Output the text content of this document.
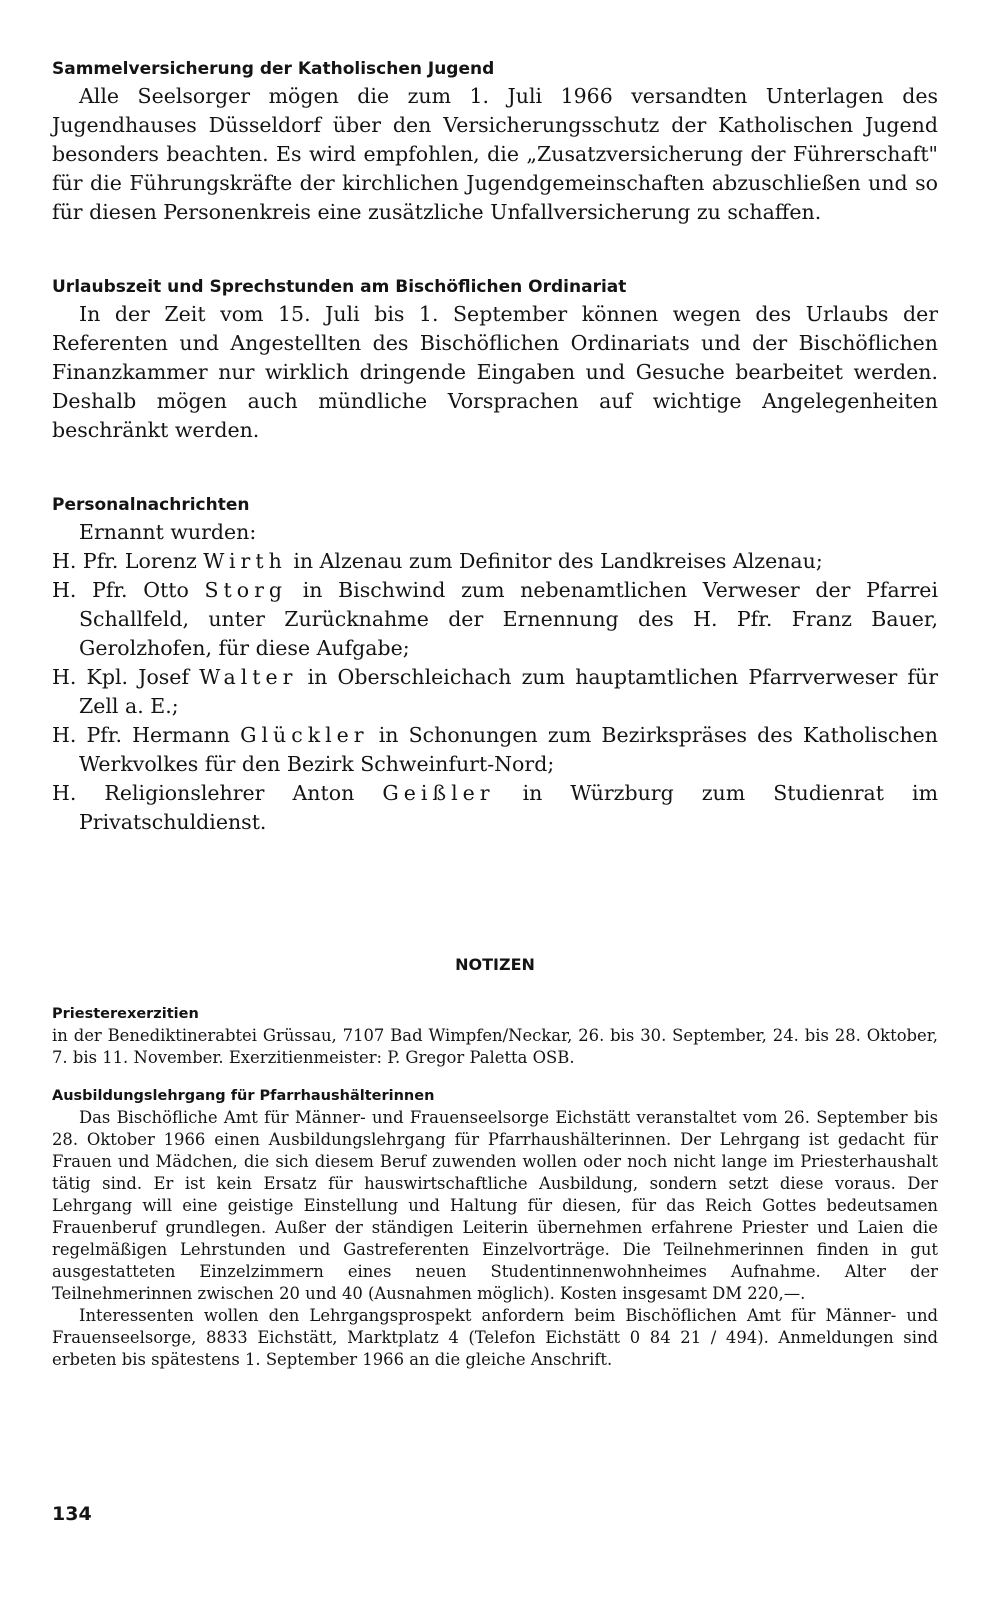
Sammelversicherung der Katholischen Jugend

Alle Seelsorger mögen die zum 1. Juli 1966 versandten Unterlagen des Jugendhauses Düsseldorf über den Versicherungsschutz der Katholischen Jugend besonders beachten. Es wird empfohlen, die „Zusatzversicherung der Führerschaft" für die Führungskräfte der kirchlichen Jugendgemeinschaften abzuschließen und so für diesen Personenkreis eine zusätzliche Unfallversicherung zu schaffen.

Urlaubszeit und Sprechstunden am Bischöflichen Ordinariat

In der Zeit vom 15. Juli bis 1. September können wegen des Urlaubs der Referenten und Angestellten des Bischöflichen Ordinariats und der Bischöflichen Finanzkammer nur wirklich dringende Eingaben und Gesuche bearbeitet werden. Deshalb mögen auch mündliche Vorsprachen auf wichtige Angelegenheiten beschränkt werden.

Personalnachrichten

Ernannt wurden:

H. Pfr. Lorenz Wirth in Alzenau zum Definitor des Landkreises Alzenau;

H. Pfr. Otto Storg in Bischwind zum nebenamtlichen Verweser der Pfarrei Schallfeld, unter Zurücknahme der Ernennung des H. Pfr. Franz Bauer, Gerolzhofen, für diese Aufgabe;

H. Kpl. Josef Walter in Oberschleichach zum hauptamtlichen Pfarrverweser für Zell a. E.;

H. Pfr. Hermann Glückler in Schonungen zum Bezirkspräses des Katholischen Werkvolkes für den Bezirk Schweinfurt-Nord;

H. Religionslehrer Anton Geißler in Würzburg zum Studienrat im Privatschuldienst.

NOTIZEN
Priesterexerzitien

in der Benediktinerabtei Grüssau, 7107 Bad Wimpfen/Neckar, 26. bis 30. September, 24. bis 28. Oktober, 7. bis 11. November. Exerzitienmeister: P. Gregor Paletta OSB.

Ausbildungslehrgang für Pfarrhaushälterinnen

Das Bischöfliche Amt für Männer- und Frauenseelsorge Eichstätt veranstaltet vom 26. September bis 28. Oktober 1966 einen Ausbildungslehrgang für Pfarrhaushälterinnen. Der Lehrgang ist gedacht für Frauen und Mädchen, die sich diesem Beruf zuwenden wollen oder noch nicht lange im Priesterhaushalt tätig sind. Er ist kein Ersatz für hauswirtschaftliche Ausbildung, sondern setzt diese voraus. Der Lehrgang will eine geistige Einstellung und Haltung für diesen, für das Reich Gottes bedeutsamen Frauenberuf grundlegen. Außer der ständigen Leiterin übernehmen erfahrene Priester und Laien die regelmäßigen Lehrstunden und Gastreferenten Einzelvorträge. Die Teilnehmerinnen finden in gut ausgestatteten Einzelzimmern eines neuen Studentinnenwohnheimes Aufnahme. Alter der Teilnehmerinnen zwischen 20 und 40 (Ausnahmen möglich). Kosten insgesamt DM 220,—.

Interessenten wollen den Lehrgangsprospekt anfordern beim Bischöflichen Amt für Männer- und Frauenseelsorge, 8833 Eichstätt, Marktplatz 4 (Telefon Eichstätt 0 84 21 / 494). Anmeldungen sind erbeten bis spätestens 1. September 1966 an die gleiche Anschrift.

134
